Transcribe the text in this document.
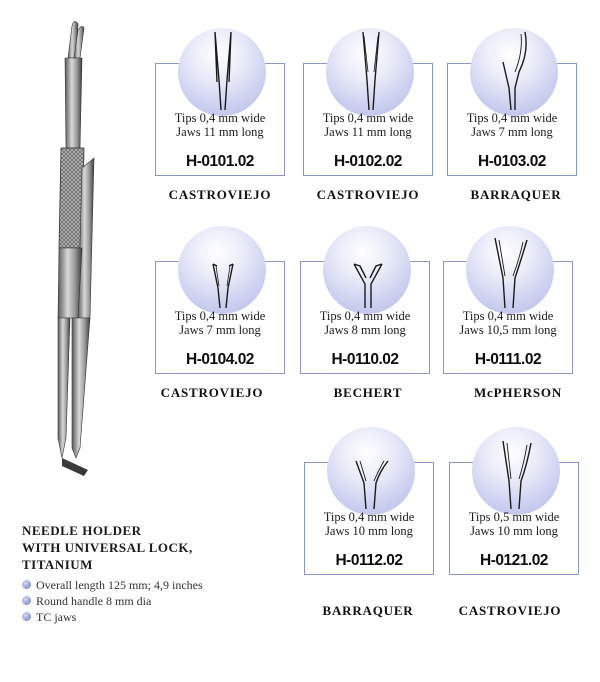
Tips 0,4 mm wide
Jaws 11 mm long
H-0101.02
CASTROVIEJO
Tips 0,4 mm wide
Jaws 11 mm long
H-0102.02
CASTROVIEJO
Tips 0,4 mm wide
Jaws 7 mm long
H-0103.02
BARRAQUER
Tips 0,4 mm wide
Jaws 7 mm long
H-0104.02
CASTROVIEJO
Tips 0,4 mm wide
Jaws 8 mm long
H-0110.02
BECHERT
Tips 0,4 mm wide
Jaws 10,5 mm long
H-0111.02
McPHERSON
Tips 0,4 mm wide
Jaws 10 mm long
H-0112.02
BARRAQUER
Tips 0,5 mm wide
Jaws 10 mm long
H-0121.02
CASTROVIEJO
NEEDLE HOLDER
WITH UNIVERSAL LOCK,
TITANIUM
Overall length 125 mm; 4,9 inches
Round handle 8 mm dia
TC jaws
